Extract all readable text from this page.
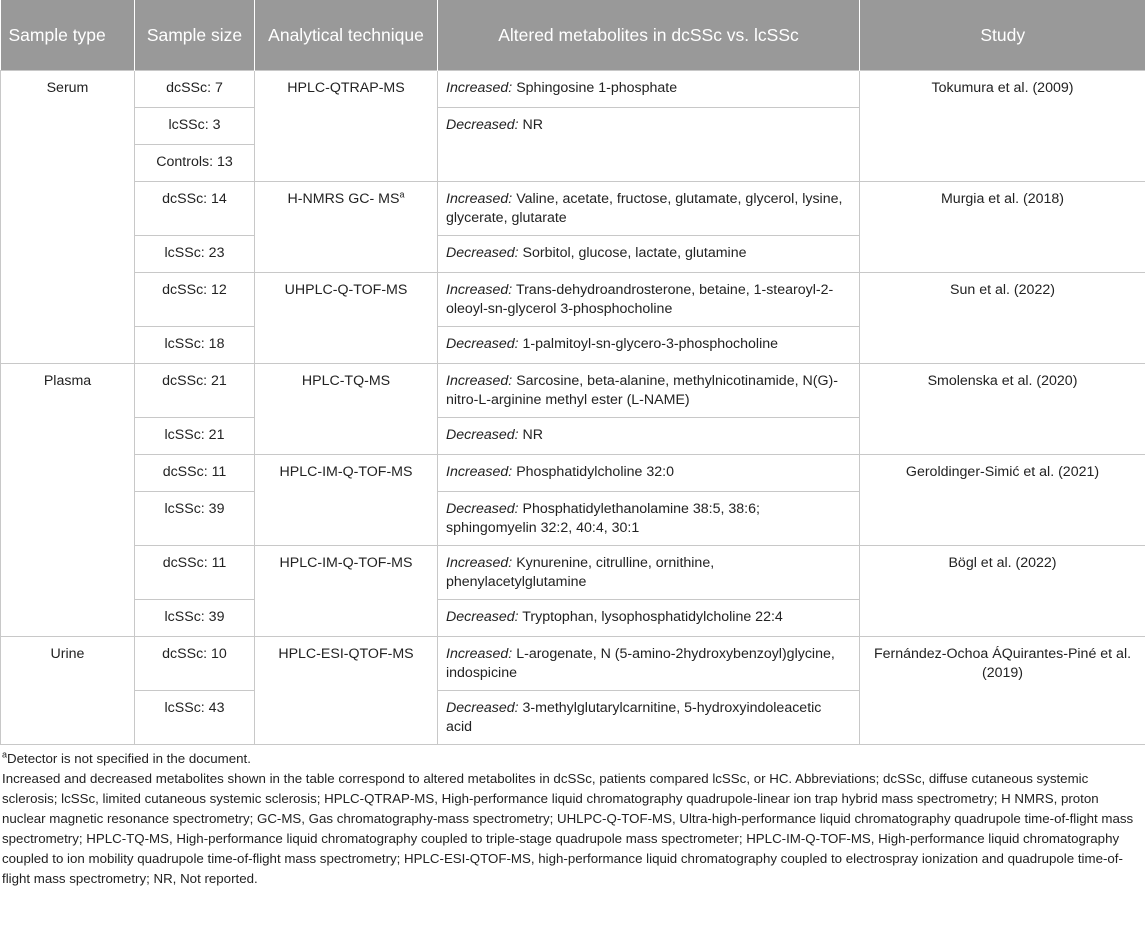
Sample type	Sample size	Analytical technique	Altered metabolites in dcSSc vs. lcSSc	Study
Serum	dcSSc: 7	HPLC-QTRAP-MS	Increased: Sphingosine 1-phosphate	Tokumura et al. (2009)
	lcSSc: 3		Decreased: NR	
	Controls: 13			
	dcSSc: 14	H-NMRS GC- $MS^a$	Increased: Valine, acetate, fructose, glutamate, glycerol, lysine, glycerate, glutarate	Murgia et al. (2018)
	lcSSc: 23		Decreased: Sorbitol, glucose, lactate, glutamine	
	dcSSc: 12	UHPLC-Q-TOF-MS	Increased: Trans-dehydroandrosterone, betaine, 1-stearoyl-2-oleoyl-sn-glycerol 3-phosphocholine	Sun et al. (2022)
	lcSSc: 18		Decreased: 1-palmitoyl-sn-glycero-3-phosphocholine	
Plasma	dcSSc: 21	HPLC-TQ-MS	Increased: Sarcosine, beta-alanine, methylnicotinamide, N(G)-nitro-L-arginine methyl ester (L-NAME)	Smolenska et al. (2020)
	lcSSc: 21		Decreased: NR	
	dcSSc: 11	HPLC-IM-Q-TOF-MS	Increased: Phosphatidylcholine 32:0	Geroldinger-Simić et al. (2021)
	lcSSc: 39		Decreased: Phosphatidylethanolamine 38:5, 38:6; sphingomyelin 32:2, 40:4, 30:1	
	dcSSc: 11	HPLC-IM-Q-TOF-MS	Increased: Kynurenine, citrulline, ornithine, phenylacetylglutamine	Bögl et al. (2022)
	lcSSc: 39		Decreased: Tryptophan, lysophosphatidylcholine 22:4	
Urine	dcSSc: 10	HPLC-ESI-QTOF-MS	Increased: L-arogenate, N (5-amino-2hydroxybenzoyl)glycine, indospicine	Fernández-Ochoa ÁQuirantes-Piné et al. (2019)
	lcSSc: 43		Decreased: 3-methylglutarylcarnitine, 5-hydroxyindoleacetic acid	

$^a$Detector is not specified in the document.

Increased and decreased metabolites shown in the table correspond to altered metabolites in dcSSc, patients compared lcSSc, or HC. Abbreviations; dcSSc, diffuse cutaneous systemic sclerosis; lcSSc, limited cutaneous systemic sclerosis; HPLC-QTRAP-MS, High-performance liquid chromatography quadrupole-linear ion trap hybrid mass spectrometry; H NMRS, proton nuclear magnetic resonance spectrometry; GC-MS, Gas chromatography-mass spectrometry; UHLPC-Q-TOF-MS, Ultra-high-performance liquid chromatography quadrupole time-of-flight mass spectrometry; HPLC-TQ-MS, High-performance liquid chromatography coupled to triple-stage quadrupole mass spectrometer; HPLC-IM-Q-TOF-MS, High-performance liquid chromatography coupled to ion mobility quadrupole time-of-flight mass spectrometry; HPLC-ESI-QTOF-MS, high-performance liquid chromatography coupled to electrospray ionization and quadrupole time-of-flight mass spectrometry; NR, Not reported.
